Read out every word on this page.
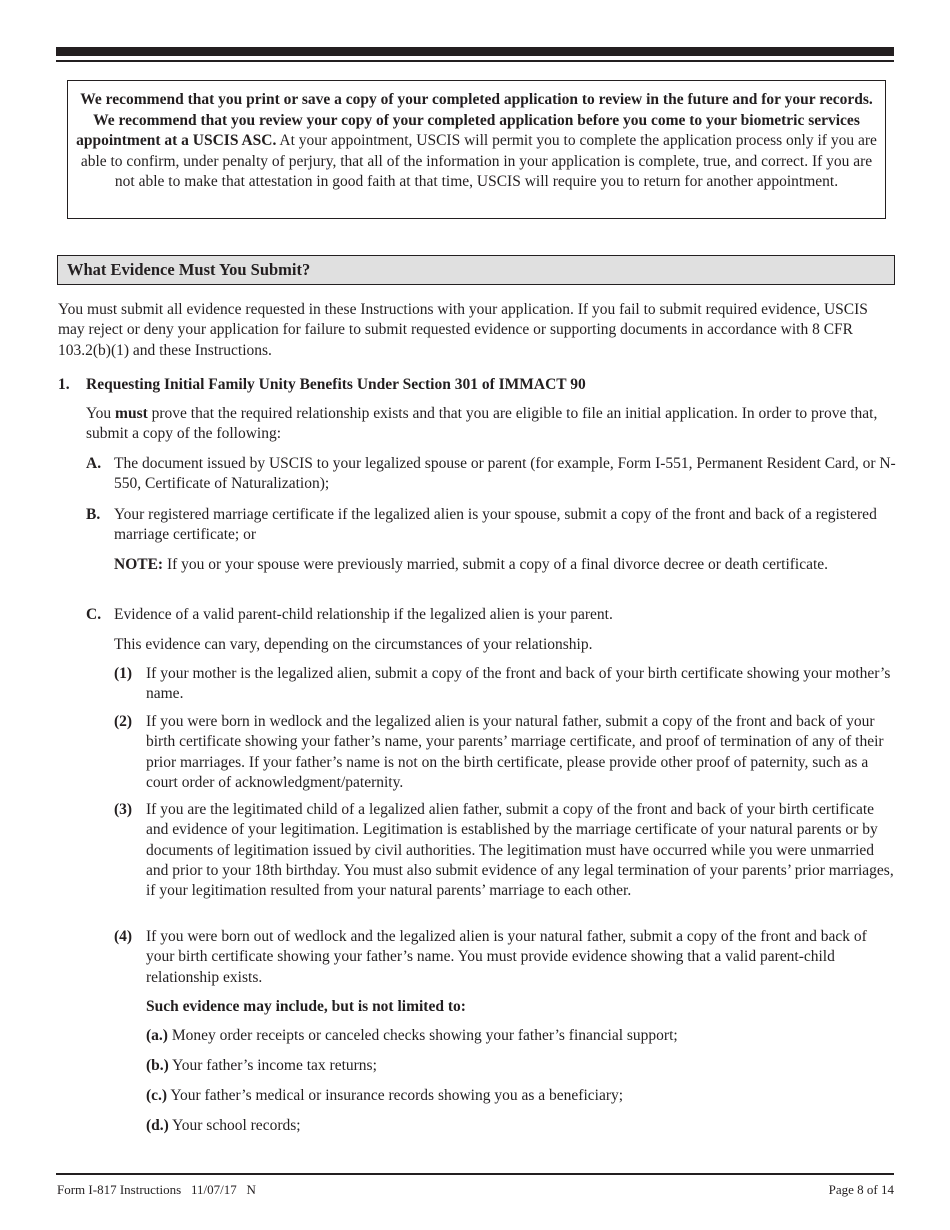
We recommend that you print or save a copy of your completed application to review in the future and for your records. We recommend that you review your copy of your completed application before you come to your biometric services appointment at a USCIS ASC. At your appointment, USCIS will permit you to complete the application process only if you are able to confirm, under penalty of perjury, that all of the information in your application is complete, true, and correct. If you are not able to make that attestation in good faith at that time, USCIS will require you to return for another appointment.
What Evidence Must You Submit?
You must submit all evidence requested in these Instructions with your application. If you fail to submit required evidence, USCIS may reject or deny your application for failure to submit requested evidence or supporting documents in accordance with 8 CFR 103.2(b)(1) and these Instructions.
1. Requesting Initial Family Unity Benefits Under Section 301 of IMMACT 90
You must prove that the required relationship exists and that you are eligible to file an initial application. In order to prove that, submit a copy of the following:
A. The document issued by USCIS to your legalized spouse or parent (for example, Form I-551, Permanent Resident Card, or N-550, Certificate of Naturalization);
B. Your registered marriage certificate if the legalized alien is your spouse, submit a copy of the front and back of a registered marriage certificate; or
NOTE: If you or your spouse were previously married, submit a copy of a final divorce decree or death certificate.
C. Evidence of a valid parent-child relationship if the legalized alien is your parent.
This evidence can vary, depending on the circumstances of your relationship.
(1) If your mother is the legalized alien, submit a copy of the front and back of your birth certificate showing your mother’s name.
(2) If you were born in wedlock and the legalized alien is your natural father, submit a copy of the front and back of your birth certificate showing your father’s name, your parents’ marriage certificate, and proof of termination of any of their prior marriages. If your father’s name is not on the birth certificate, please provide other proof of paternity, such as a court order of acknowledgment/paternity.
(3) If you are the legitimated child of a legalized alien father, submit a copy of the front and back of your birth certificate and evidence of your legitimation. Legitimation is established by the marriage certificate of your natural parents or by documents of legitimation issued by civil authorities. The legitimation must have occurred while you were unmarried and prior to your 18th birthday. You must also submit evidence of any legal termination of your parents’ prior marriages, if your legitimation resulted from your natural parents’ marriage to each other.
(4) If you were born out of wedlock and the legalized alien is your natural father, submit a copy of the front and back of your birth certificate showing your father’s name. You must provide evidence showing that a valid parent-child relationship exists.
Such evidence may include, but is not limited to:
(a.) Money order receipts or canceled checks showing your father’s financial support;
(b.) Your father’s income tax returns;
(c.) Your father’s medical or insurance records showing you as a beneficiary;
(d.) Your school records;
Form I-817 Instructions   11/07/17   N	Page 8 of 14
